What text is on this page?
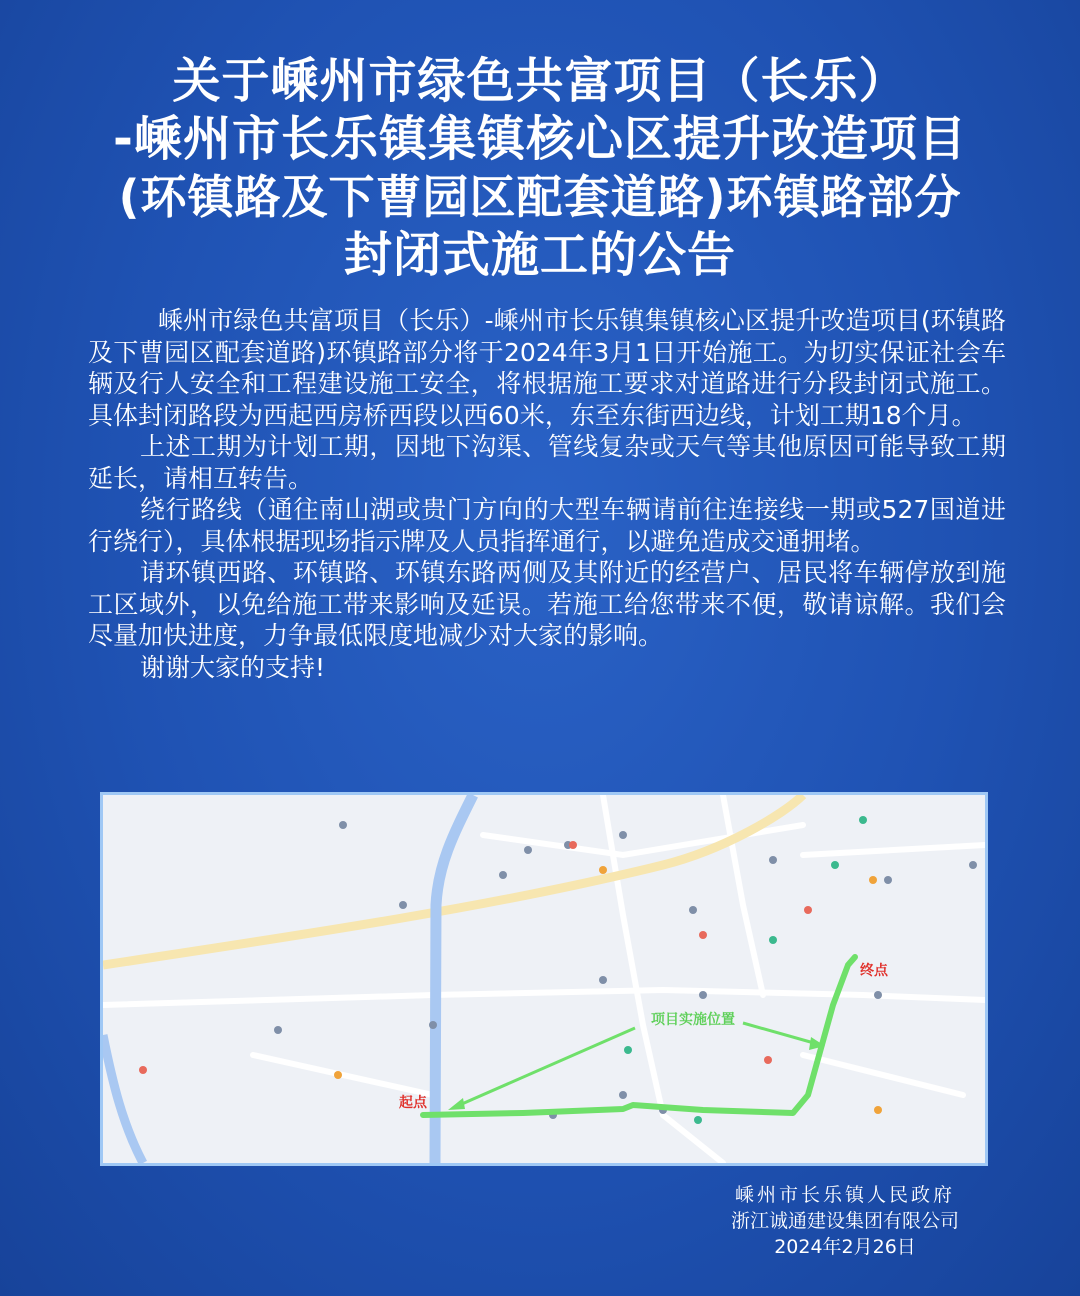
关于嵊州市绿色共富项目（长乐）
-嵊州市长乐镇集镇核心区提升改造项目
(环镇路及下曹园区配套道路)环镇路部分
封闭式施工的公告

嵊州市绿色共富项目（长乐）-嵊州市长乐镇集镇核心区提升改造项目(环镇路及下曹园区配套道路)环镇路部分将于2024年3月1日开始施工。为切实保证社会车辆及行人安全和工程建设施工安全，将根据施工要求对道路进行分段封闭式施工。具体封闭路段为西起西房桥西段以西60米，东至东街西边线，计划工期18个月。

上述工期为计划工期，因地下沟渠、管线复杂或天气等其他原因可能导致工期延长，请相互转告。

绕行路线（通往南山湖或贵门方向的大型车辆请前往连接线一期或527国道进行绕行），具体根据现场指示牌及人员指挥通行，以避免造成交通拥堵。

请环镇西路、环镇路、环镇东路两侧及其附近的经营户、居民将车辆停放到施工区域外，以免给施工带来影响及延误。若施工给您带来不便，敬请谅解。我们会尽量加快进度，力争最低限度地减少对大家的影响。

谢谢大家的支持!

起点
终点
项目实施位置
嵊州市长乐镇人民政府
浙江诚通建设集团有限公司
2024年2月26日
